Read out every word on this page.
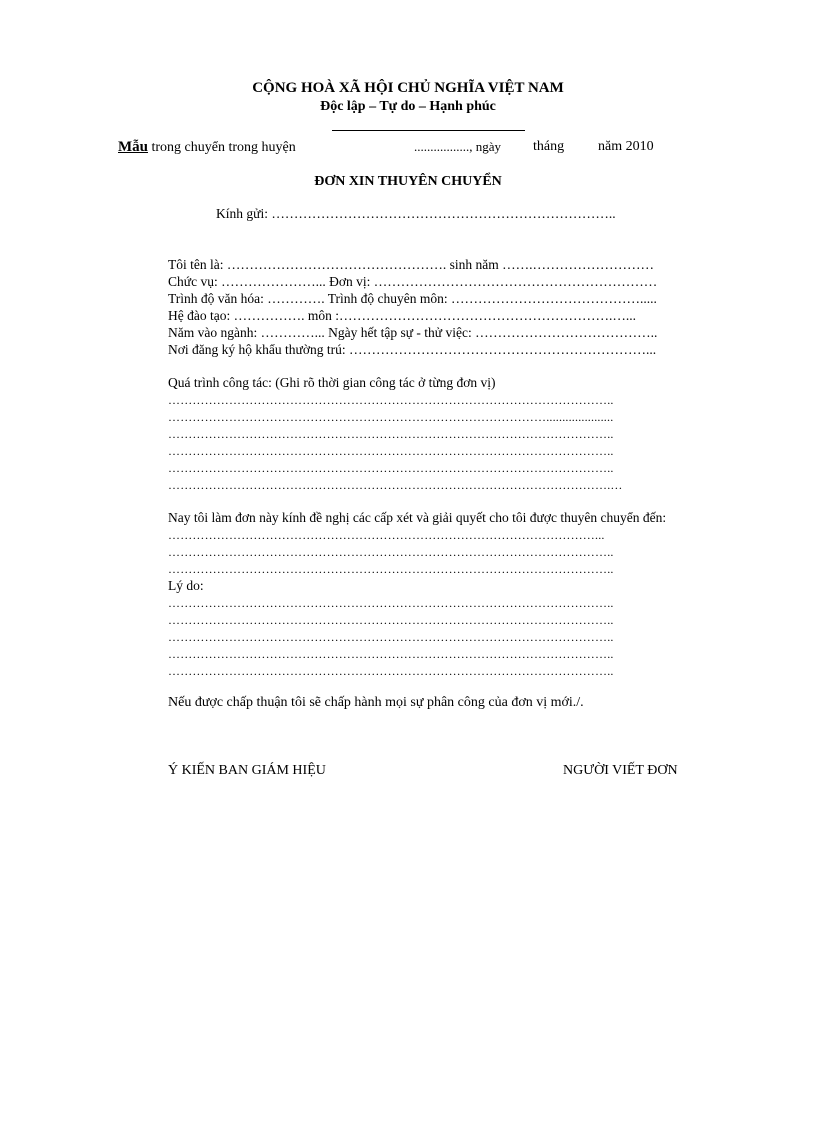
CỘNG HOÀ XÃ HỘI CHỦ NGHĨA VIỆT NAM
Độc lập – Tự do – Hạnh phúc
Mẫu trong chuyển trong huyện	................., ngày tháng năm 2010
ĐƠN XIN THUYÊN CHUYỂN
Kính gửi: …………………………………………………………………..
Tôi tên là: …………………………………………. sinh năm …….………………………
Chức vụ: …………………... Đơn vị: ………………………………………………………
Trình độ văn hóa: …………. Trình độ chuyên môn: …………………………………….....
Hệ đào tạo: ……………. môn :…………………………………………………….…...
Năm vào ngành: …………... Ngày hết tập sự - thử việc: …………………………………..
Nơi đăng ký hộ khẩu thường trú: …………………………………………………………...
Quá trình công tác: (Ghi rõ thời gian công tác ở từng đơn vị)
………………………………………………………………………………………………..
………………………………………………………………………………….....................
………………………………………………………………………………………………..
………………………………………………………………………………………………..
………………………………………………………………………………………………..
……………………………………………………………………………………………….…
Nay tôi làm đơn này kính đề nghị các cấp xét và giải quyết cho tôi được thuyên chuyển đến:
……………………………………………………………………………………………...
………………………………………………………………………………………………..
………………………………………………………………………………………………..
Lý do:
………………………………………………………………………………………………..
………………………………………………………………………………………………..
………………………………………………………………………………………………..
………………………………………………………………………………………………..
………………………………………………………………………………………………..
Nếu được chấp thuận tôi sẽ chấp hành mọi sự phân công của đơn vị mới./.
Ý KIẾN BAN GIÁM HIỆU	NGƯỜI VIẾT ĐƠN
